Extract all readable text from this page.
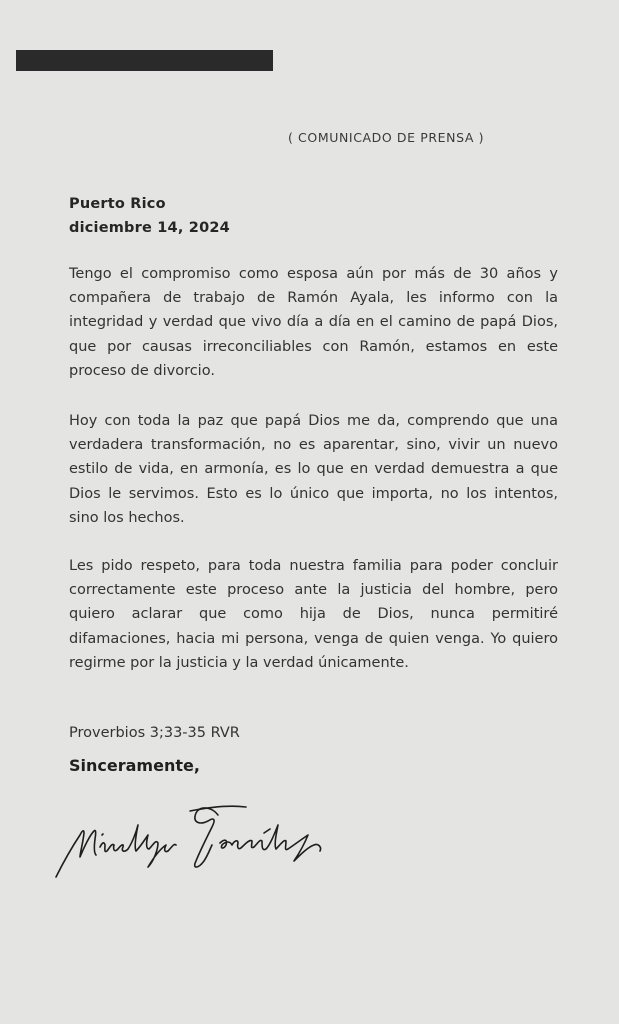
( COMUNICADO DE PRENSA )
Puerto Rico
diciembre 14, 2024
Tengo el compromiso como esposa aún por más de 30 años y compañera de trabajo de Ramón Ayala, les informo con la integridad y verdad que vivo día a día en el camino de papá Dios, que por causas irreconciliables con Ramón, estamos en este proceso de divorcio.
Hoy con toda la paz que papá Dios me da, comprendo que una verdadera transformación, no es aparentar, sino, vivir un nuevo estilo de vida, en armonía, es lo que en verdad demuestra a que Dios le servimos. Esto es lo único que importa, no los intentos, sino los hechos.
Les pido respeto, para toda nuestra familia para poder concluir correctamente este proceso ante la justicia del hombre, pero quiero aclarar que como hija de Dios, nunca permitiré difamaciones, hacia mi persona, venga de quien venga. Yo quiero regirme por la justicia y la verdad únicamente.
Proverbios 3;33-35 RVR
Sinceramente,
